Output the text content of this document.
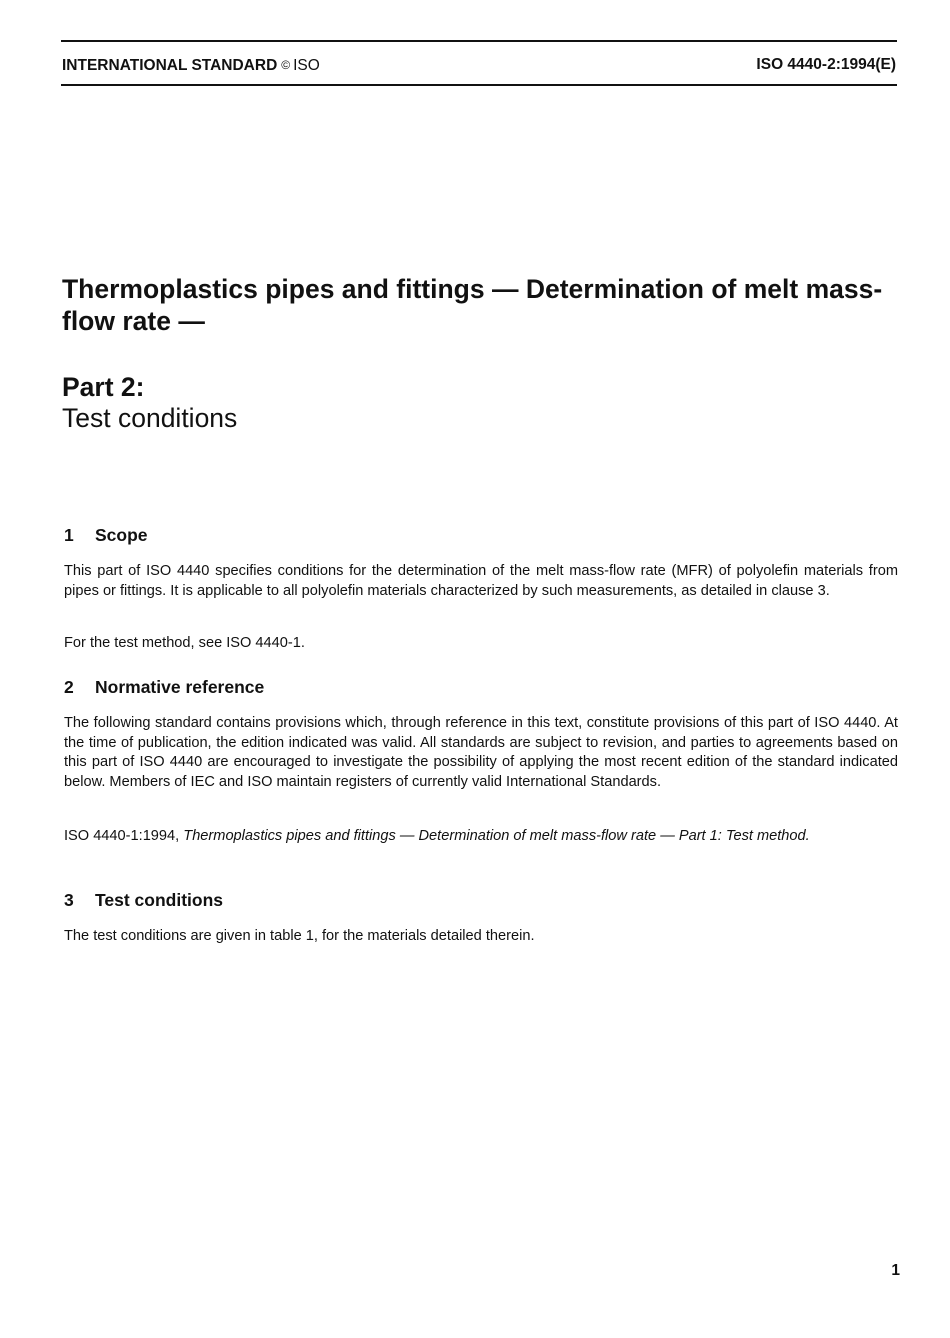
INTERNATIONAL STANDARD © ISO	ISO 4440-2:1994(E)
Thermoplastics pipes and fittings — Determination of melt mass-flow rate —
Part 2:
Test conditions
1 Scope

This part of ISO 4440 specifies conditions for the determination of the melt mass-flow rate (MFR) of polyolefin materials from pipes or fittings. It is applicable to all polyolefin materials characterized by such measurements, as detailed in clause 3.

For the test method, see ISO 4440-1.

2 Normative reference

The following standard contains provisions which, through reference in this text, constitute provisions of this part of ISO 4440. At the time of publication, the edition indicated was valid. All standards are subject to revision, and parties to agreements based on this part of ISO 4440 are encouraged to investigate the possibility of applying the most recent edition of the standard indicated below. Members of IEC and ISO maintain registers of currently valid International Standards.

ISO 4440-1:1994, Thermoplastics pipes and fittings — Determination of melt mass-flow rate — Part 1: Test method.

3 Test conditions

The test conditions are given in table 1, for the materials detailed therein.

1
